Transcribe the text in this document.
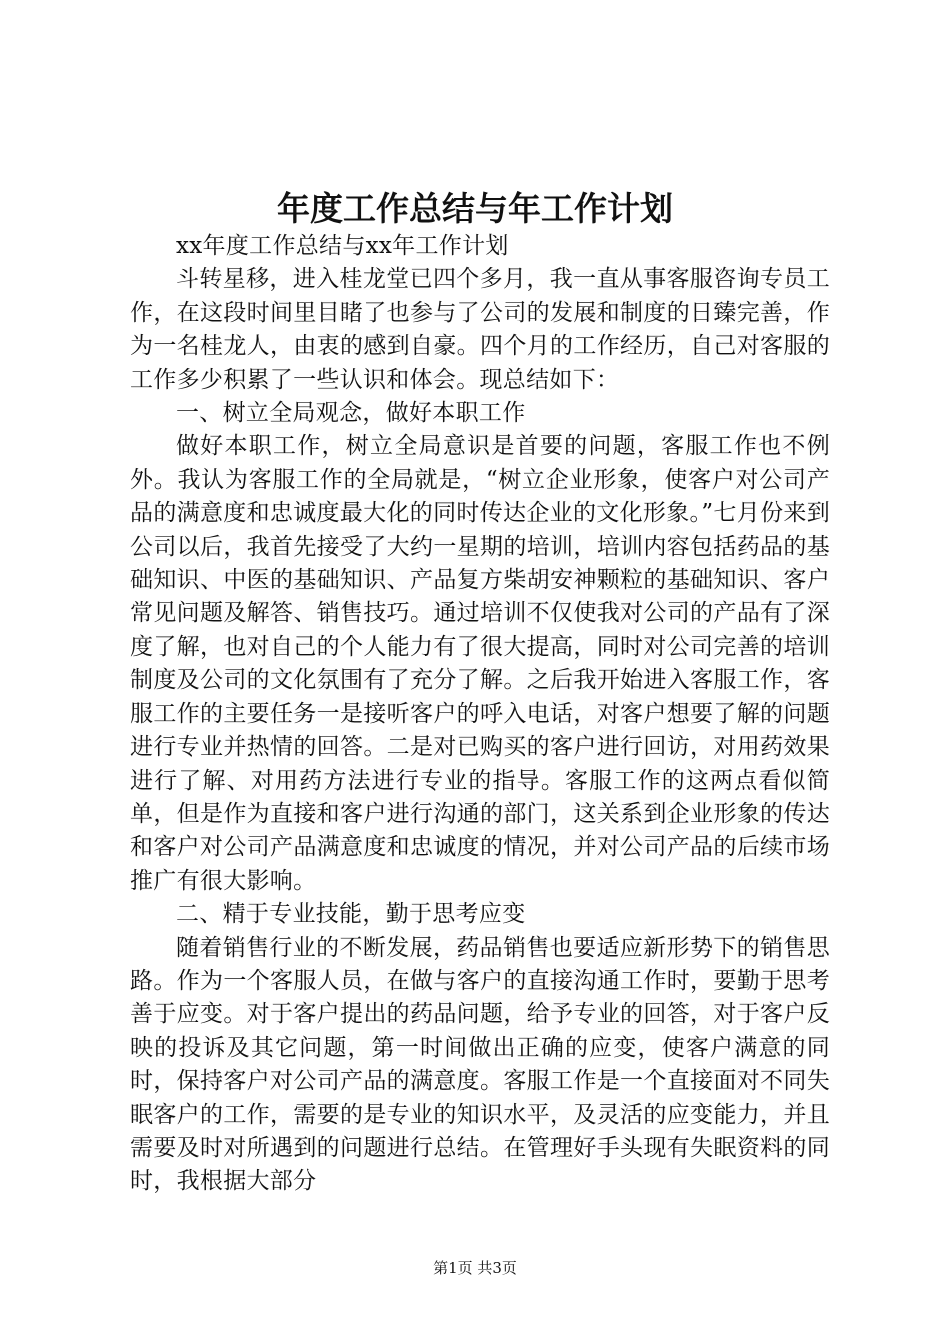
年度工作总结与年工作计划

xx年度工作总结与xx年工作计划

斗转星移，进入桂龙堂已四个多月，我一直从事客服咨询专员工作，在这段时间里目睹了也参与了公司的发展和制度的日臻完善，作为一名桂龙人，由衷的感到自豪。四个月的工作经历，自己对客服的工作多少积累了一些认识和体会。现总结如下：

一、树立全局观念，做好本职工作

做好本职工作，树立全局意识是首要的问题，客服工作也不例外。我认为客服工作的全局就是，“树立企业形象，使客户对公司产品的满意度和忠诚度最大化的同时传达企业的文化形象。”七月份来到公司以后，我首先接受了大约一星期的培训，培训内容包括药品的基础知识、中医的基础知识、产品复方柴胡安神颗粒的基础知识、客户常见问题及解答、销售技巧。通过培训不仅使我对公司的产品有了深度了解，也对自己的个人能力有了很大提高，同时对公司完善的培训制度及公司的文化氛围有了充分了解。之后我开始进入客服工作，客服工作的主要任务一是接听客户的呼入电话，对客户想要了解的问题进行专业并热情的回答。二是对已购买的客户进行回访，对用药效果进行了解、对用药方法进行专业的指导。客服工作的这两点看似简单，但是作为直接和客户进行沟通的部门，这关系到企业形象的传达和客户对公司产品满意度和忠诚度的情况，并对公司产品的后续市场推广有很大影响。

二、精于专业技能，勤于思考应变

随着销售行业的不断发展，药品销售也要适应新形势下的销售思路。作为一个客服人员，在做与客户的直接沟通工作时，要勤于思考善于应变。对于客户提出的药品问题，给予专业的回答，对于客户反映的投诉及其它问题，第一时间做出正确的应变，使客户满意的同时，保持客户对公司产品的满意度。客服工作是一个直接面对不同失眠客户的工作，需要的是专业的知识水平，及灵活的应变能力，并且需要及时对所遇到的问题进行总结。在管理好手头现有失眠资料的同时，我根据大部分

第1页 共3页
